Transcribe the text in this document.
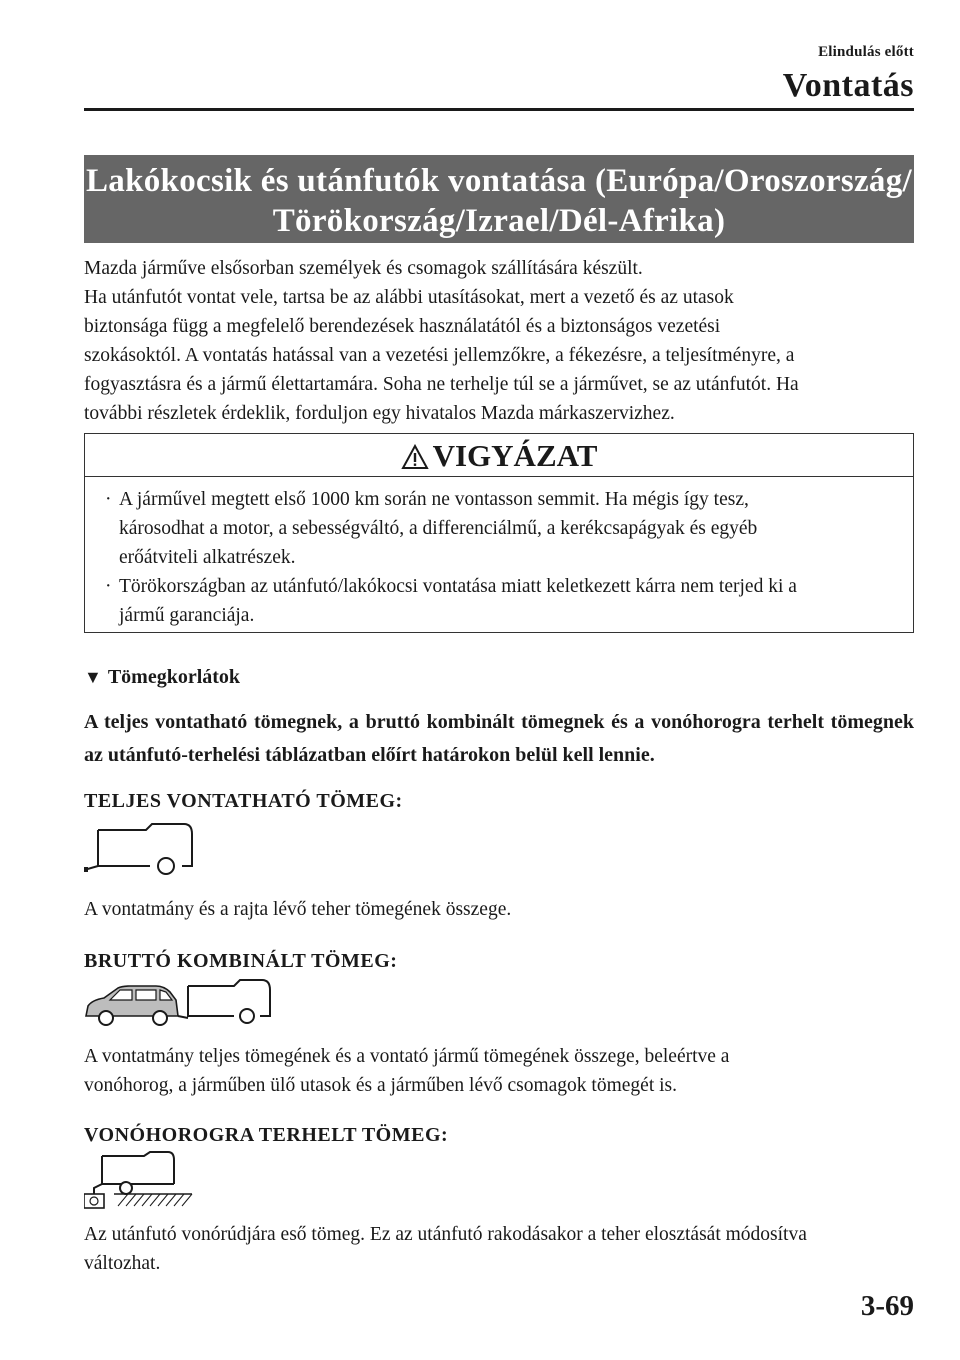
Elindulás előtt
Vontatás
Lakókocsik és utánfutók vontatása (Európa/Oroszország/
Törökország/Izrael/Dél-Afrika)
Mazda járműve elsősorban személyek és csomagok szállítására készült.
Ha utánfutót vontat vele, tartsa be az alábbi utasításokat, mert a vezető és az utasok
biztonsága függ a megfelelő berendezések használatától és a biztonságos vezetési
szokásoktól. A vontatás hatással van a vezetési jellemzőkre, a fékezésre, a teljesítményre, a
fogyasztásra és a jármű élettartamára. Soha ne terhelje túl se a járművet, se az utánfutót. Ha
további részletek érdeklik, forduljon egy hivatalos Mazda márkaszervizhez.
VIGYÁZAT
· A járművel megtett első 1000 km során ne vontasson semmit. Ha mégis így tesz,
károsodhat a motor, a sebességváltó, a differenciálmű, a kerékcsapágyak és egyéb
erőátviteli alkatrészek.
· Törökországban az utánfutó/lakókocsi vontatása miatt keletkezett kárra nem terjed ki a
jármű garanciája.
▼ Tömegkorlátok

A teljes vontatható tömegnek, a bruttó kombinált tömegnek és a vonóhorogra terhelt tömegnek az utánfutó-terhelési táblázatban előírt határokon belül kell lennie.

TELJES VONTATHATÓ TÖMEG:

A vontatmány és a rajta lévő teher tömegének összege.

BRUTTÓ KOMBINÁLT TÖMEG:
A vontatmány teljes tömegének és a vontató jármű tömegének összege, beleértve a
vonóhorog, a járműben ülő utasok és a járműben lévő csomagok tömegét is.
VONÓHOROGRA TERHELT TÖMEG:
Az utánfutó vonórúdjára eső tömeg. Ez az utánfutó rakodásakor a teher elosztását módosítva
változhat.
3-69
